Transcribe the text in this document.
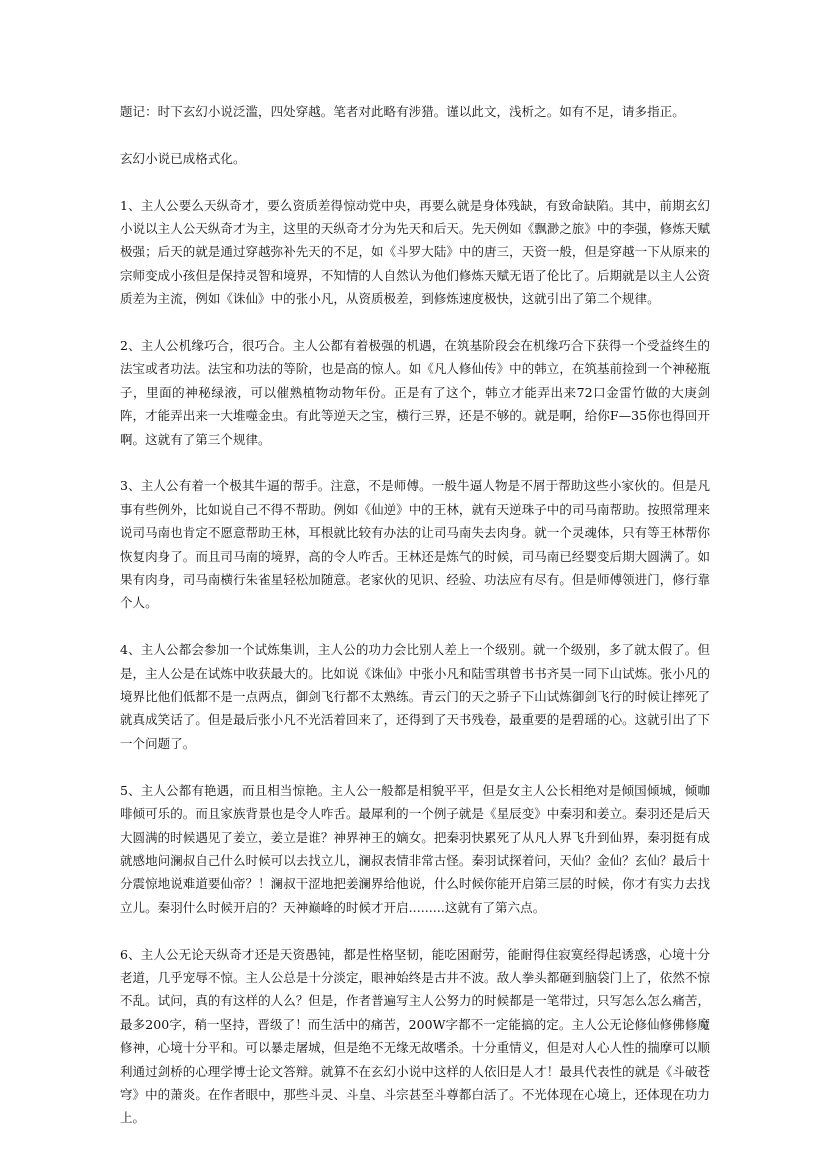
题记：时下玄幻小说泛滥，四处穿越。笔者对此略有涉猎。谨以此文，浅析之。如有不足，请多指正。

玄幻小说已成格式化。

1、主人公要么天纵奇才，要么资质差得惊动党中央，再要么就是身体残缺，有致命缺陷。其中，前期玄幻小说以主人公天纵奇才为主，这里的天纵奇才分为先天和后天。先天例如《飘渺之旅》中的李强，修炼天赋极强；后天的就是通过穿越弥补先天的不足，如《斗罗大陆》中的唐三，天资一般，但是穿越一下从原来的宗师变成小孩但是保持灵智和境界，不知情的人自然认为他们修炼天赋无语了伦比了。后期就是以主人公资质差为主流，例如《诛仙》中的张小凡，从资质极差，到修炼速度极快，这就引出了第二个规律。

2、主人公机缘巧合，很巧合。主人公都有着极强的机遇，在筑基阶段会在机缘巧合下获得一个受益终生的法宝或者功法。法宝和功法的等阶，也是高的惊人。如《凡人修仙传》中的韩立，在筑基前捡到一个神秘瓶子，里面的神秘绿液，可以催熟植物动物年份。正是有了这个，韩立才能弄出来72口金雷竹做的大庚剑阵，才能弄出来一大堆噬金虫。有此等逆天之宝，横行三界，还是不够的。就是啊，给你F—35你也得回开啊。这就有了第三个规律。

3、主人公有着一个极其牛逼的帮手。注意，不是师傅。一般牛逼人物是不屑于帮助这些小家伙的。但是凡事有些例外，比如说自己不得不帮助。例如《仙逆》中的王林，就有天逆珠子中的司马南帮助。按照常理来说司马南也肯定不愿意帮助王林，耳根就比较有办法的让司马南失去肉身。就一个灵魂体，只有等王林帮你恢复肉身了。而且司马南的境界，高的令人咋舌。王林还是炼气的时候，司马南已经婴变后期大圆满了。如果有肉身，司马南横行朱雀星轻松加随意。老家伙的见识、经验、功法应有尽有。但是师傅领进门，修行靠个人。

4、主人公都会参加一个试炼集训，主人公的功力会比别人差上一个级别。就一个级别，多了就太假了。但是，主人公是在试炼中收获最大的。比如说《诛仙》中张小凡和陆雪琪曾书书齐昊一同下山试炼。张小凡的境界比他们低都不是一点两点，御剑飞行都不太熟练。青云门的天之骄子下山试炼御剑飞行的时候让摔死了就真成笑话了。但是最后张小凡不光活着回来了，还得到了天书残卷，最重要的是碧瑶的心。这就引出了下一个问题了。

5、主人公都有艳遇，而且相当惊艳。主人公一般都是相貌平平，但是女主人公长相绝对是倾国倾城，倾咖啡倾可乐的。而且家族背景也是令人咋舌。最犀利的一个例子就是《星辰变》中秦羽和姜立。秦羽还是后天大圆满的时候遇见了姜立，姜立是谁？神界神王的嫡女。把秦羽快累死了从凡人界飞升到仙界，秦羽挺有成就感地问澜叔自己什么时候可以去找立儿，澜叔表情非常古怪。秦羽试探着问，天仙？金仙？玄仙？最后十分震惊地说难道要仙帝？！澜叔干涩地把姜澜界给他说，什么时候你能开启第三层的时候，你才有实力去找立儿。秦羽什么时候开启的？天神巅峰的时候才开启.........这就有了第六点。

6、主人公无论天纵奇才还是天资愚钝，都是性格坚韧，能吃困耐劳，能耐得住寂寞经得起诱惑，心境十分老道，几乎宠辱不惊。主人公总是十分淡定，眼神始终是古井不波。敌人拳头都砸到脑袋门上了，依然不惊不乱。试问，真的有这样的人么？但是，作者普遍写主人公努力的时候都是一笔带过，只写怎么怎么痛苦，最多200字，稍一坚持，晋级了！而生活中的痛苦，200W字都不一定能搞的定。主人公无论修仙修佛修魔修神，心境十分平和。可以暴走屠城，但是绝不无缘无故嗜杀。十分重情义，但是对人心人性的揣摩可以顺利通过剑桥的心理学博士论文答辩。就算不在玄幻小说中这样的人依旧是人才！最具代表性的就是《斗破苍穹》中的萧炎。在作者眼中，那些斗灵、斗皇、斗宗甚至斗尊都白活了。不光体现在心境上，还体现在功力上。
